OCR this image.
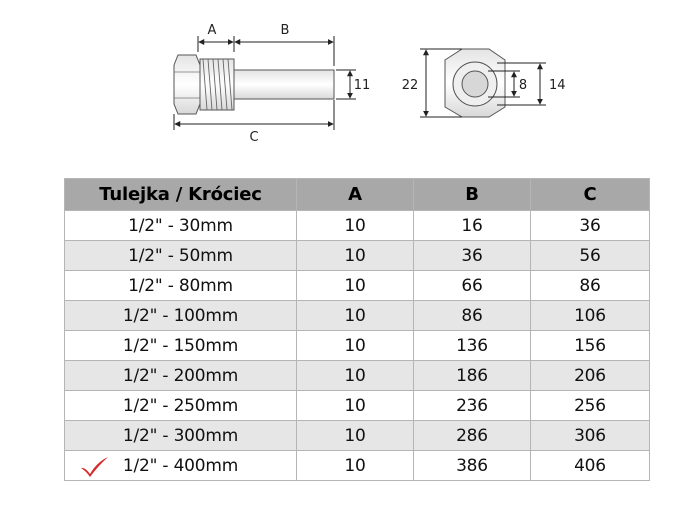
A	B
C
11 22	8 14
Tulejka / Króciec	A	B	C
1/2" - 30mm	10	16	36
1/2" - 50mm	10	36	56
1/2" - 80mm	10	66	86
1/2" - 100mm	10	86	106
1/2" - 150mm	10	136	156
1/2" - 200mm	10	186	206
1/2" - 250mm	10	236	256
1/2" - 300mm	10	286	306

1/2" - 400mm	10	386	406
